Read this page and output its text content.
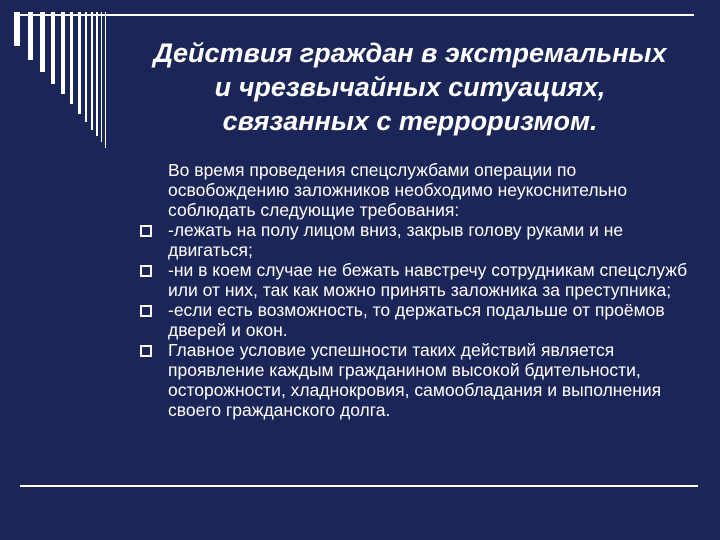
Действия граждан в экстремальных
и чрезвычайных ситуациях,
связанных с терроризмом.

Во время проведения спецслужбами операции по освобождению заложников необходимо неукоснительно соблюдать следующие требования:

-лежать на полу лицом вниз, закрыв голову руками и не двигаться;
-ни в коем случае не бежать навстречу сотрудникам спецслужб или от них, так как можно принять заложника за преступника;
-если есть возможность, то держаться подальше от проёмов дверей и окон.
Главное условие успешности таких действий является проявление каждым гражданином высокой бдительности, осторожности, хладнокровия, самообладания и выполнения своего гражданского долга.
